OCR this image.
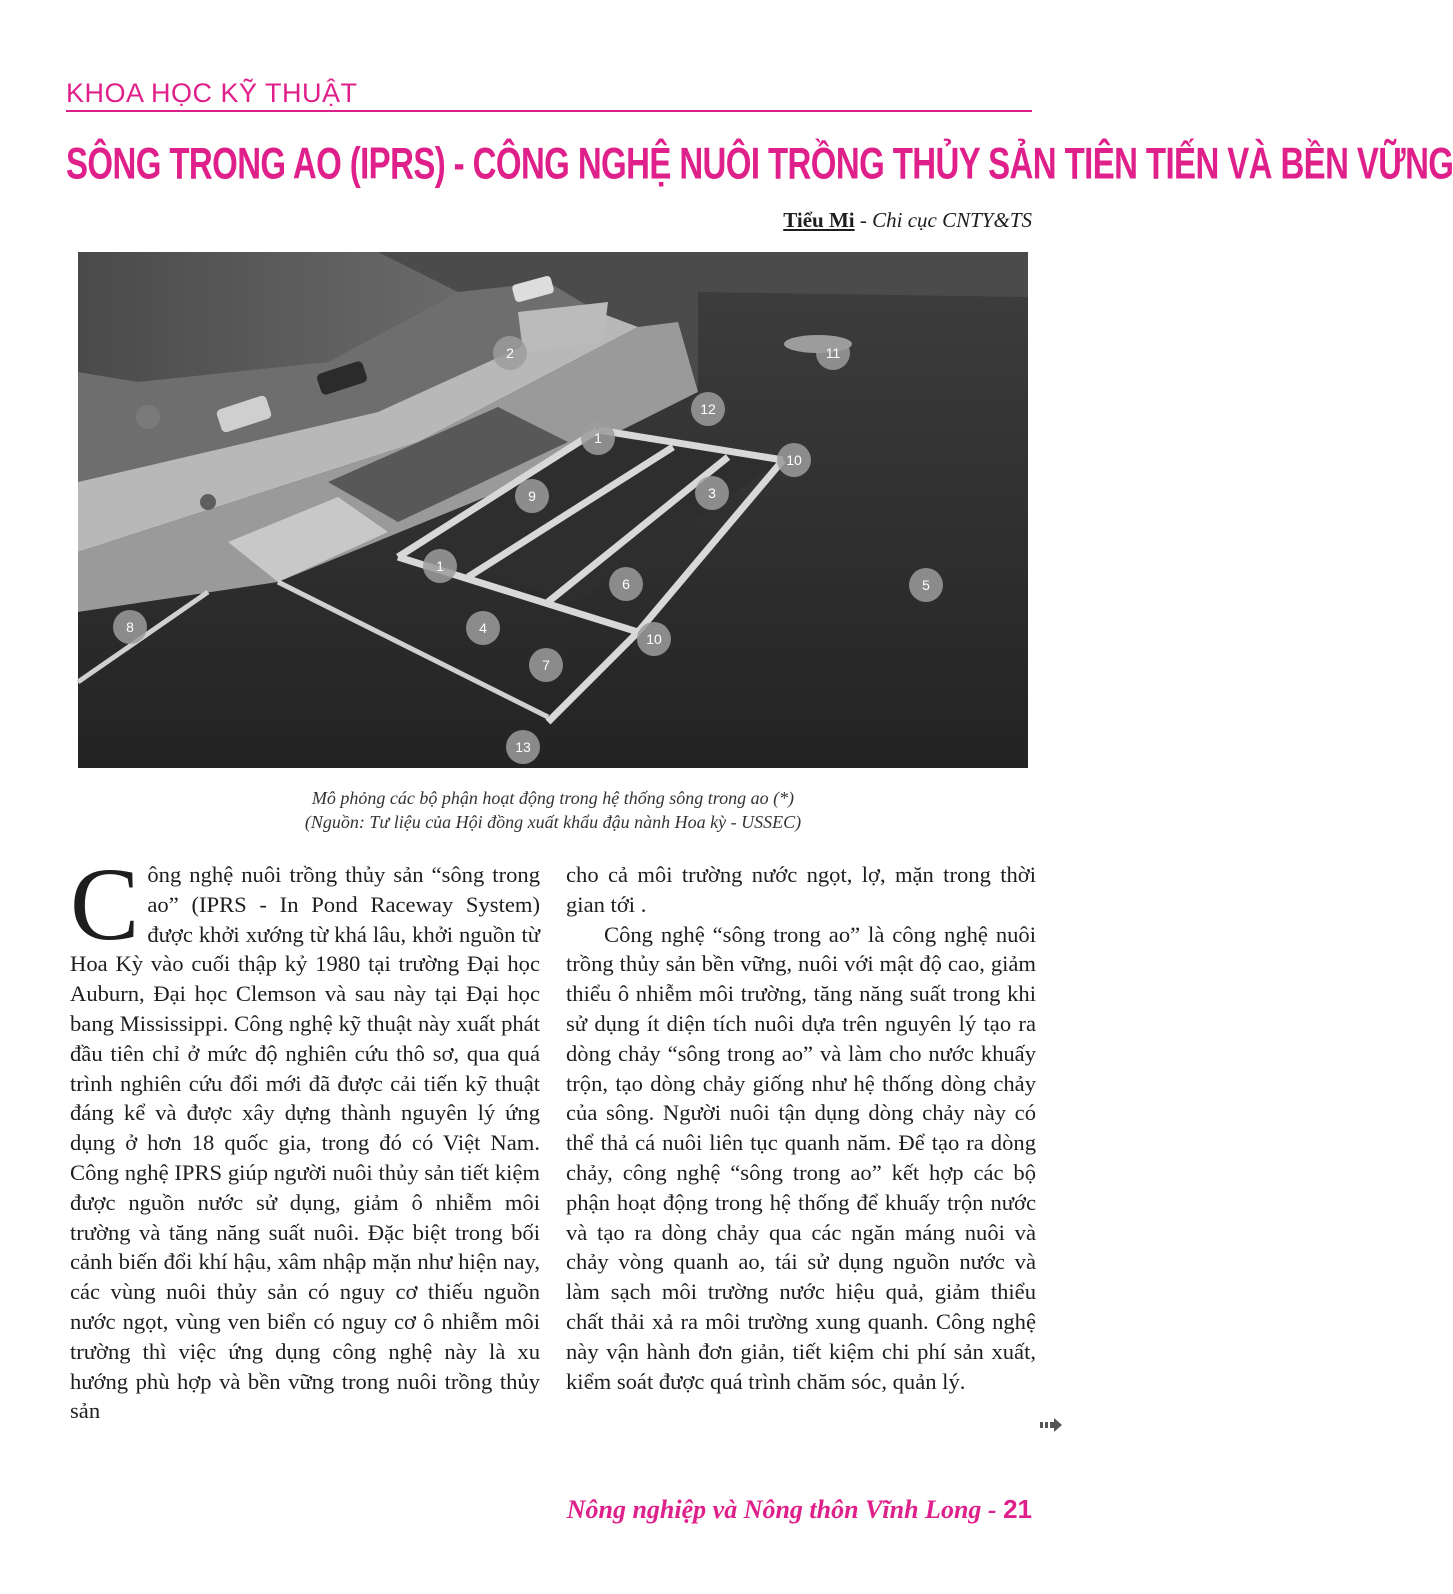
KHOA HỌC KỸ THUẬT
SÔNG TRONG AO (IPRS) - CÔNG NGHỆ NUÔI TRỒNG THỦY SẢN TIÊN TIẾN VÀ BỀN VỮNG
Tiểu Mi - Chi cục CNTY&TS
1
1
2
3
4
5
6
7
8
9
10
10
11
12
13
Mô phỏng các bộ phận hoạt động trong hệ thống sông trong ao (*)
(Nguồn: Tư liệu của Hội đồng xuất khẩu đậu nành Hoa kỳ - USSEC)

Công nghệ nuôi trồng thủy sản “sông trong ao” (IPRS - In Pond Raceway System) được khởi xướng từ khá lâu, khởi nguồn từ Hoa Kỳ vào cuối thập kỷ 1980 tại trường Đại học Auburn, Đại học Clemson và sau này tại Đại học bang Mississippi. Công nghệ kỹ thuật này xuất phát đầu tiên chỉ ở mức độ nghiên cứu thô sơ, qua quá trình nghiên cứu đổi mới đã được cải tiến kỹ thuật đáng kể và được xây dựng thành nguyên lý ứng dụng ở hơn 18 quốc gia, trong đó có Việt Nam. Công nghệ IPRS giúp người nuôi thủy sản tiết kiệm được nguồn nước sử dụng, giảm ô nhiễm môi trường và tăng năng suất nuôi. Đặc biệt trong bối cảnh biến đổi khí hậu, xâm nhập mặn như hiện nay, các vùng nuôi thủy sản có nguy cơ thiếu nguồn nước ngọt, vùng ven biển có nguy cơ ô nhiễm môi trường thì việc ứng dụng công nghệ này là xu hướng phù hợp và bền vững trong nuôi trồng thủy sản

cho cả môi trường nước ngọt, lợ, mặn trong thời gian tới .

Công nghệ “sông trong ao” là công nghệ nuôi trồng thủy sản bền vững, nuôi với mật độ cao, giảm thiểu ô nhiễm môi trường, tăng năng suất trong khi sử dụng ít diện tích nuôi dựa trên nguyên lý tạo ra dòng chảy “sông trong ao” và làm cho nước khuấy trộn, tạo dòng chảy giống như hệ thống dòng chảy của sông. Người nuôi tận dụng dòng chảy này có thể thả cá nuôi liên tục quanh năm. Để tạo ra dòng chảy, công nghệ “sông trong ao” kết hợp các bộ phận hoạt động trong hệ thống để khuấy trộn nước và tạo ra dòng chảy qua các ngăn máng nuôi và chảy vòng quanh ao, tái sử dụng nguồn nước và làm sạch môi trường nước hiệu quả, giảm thiểu chất thải xả ra môi trường xung quanh. Công nghệ này vận hành đơn giản, tiết kiệm chi phí sản xuất, kiểm soát được quá trình chăm sóc, quản lý.

Nông nghiệp và Nông thôn Vĩnh Long - 21
